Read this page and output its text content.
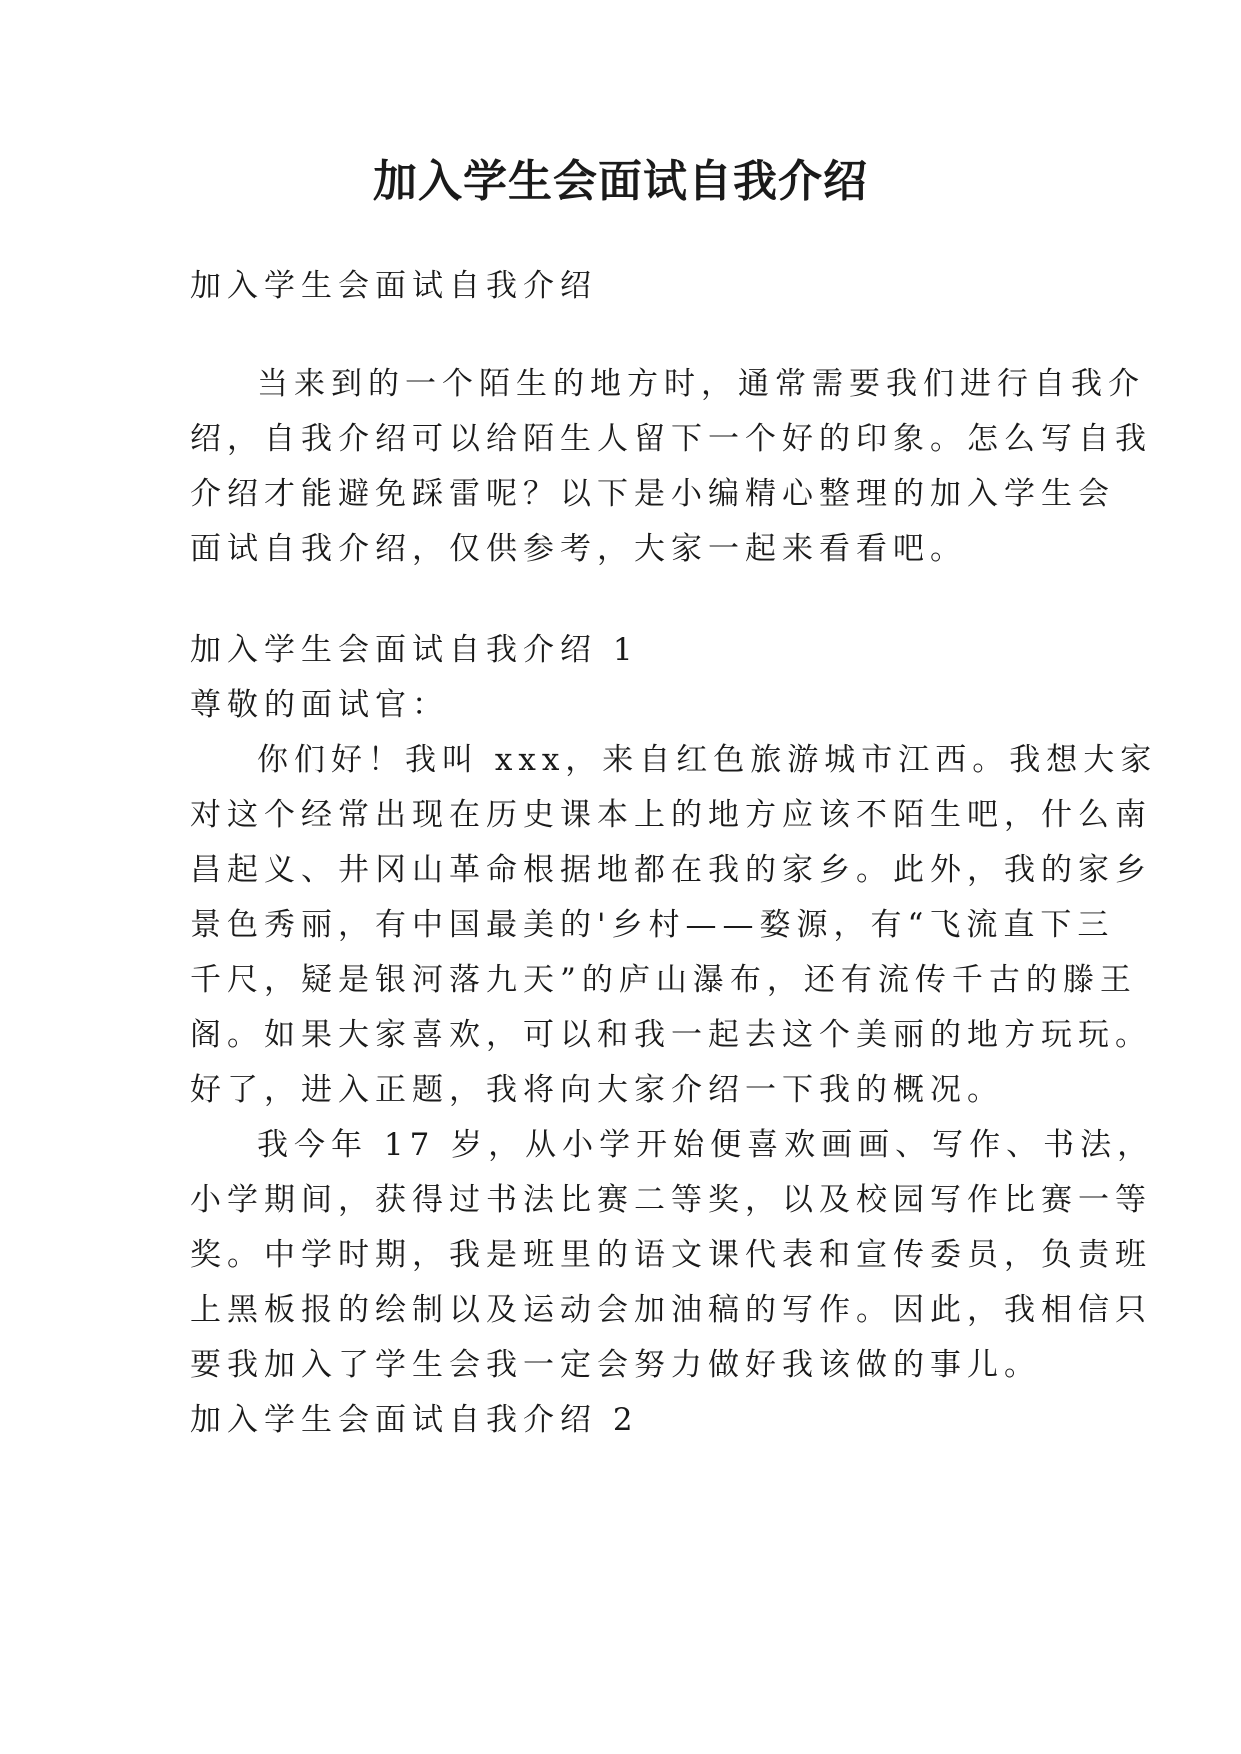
加入学生会面试自我介绍
加入学生会面试自我介绍
当来到的一个陌生的地方时，通常需要我们进行自我介
绍，自我介绍可以给陌生人留下一个好的印象。怎么写自我
介绍才能避免踩雷呢？以下是小编精心整理的加入学生会
面试自我介绍，仅供参考，大家一起来看看吧。
加入学生会面试自我介绍 1
尊敬的面试官：
你们好！我叫 xxx，来自红色旅游城市江西。我想大家
对这个经常出现在历史课本上的地方应该不陌生吧，什么南
昌起义、井冈山革命根据地都在我的家乡。此外，我的家乡
景色秀丽，有中国最美的'乡村——婺源，有“飞流直下三
千尺，疑是银河落九天”的庐山瀑布，还有流传千古的滕王
阁。如果大家喜欢，可以和我一起去这个美丽的地方玩玩。
好了，进入正题，我将向大家介绍一下我的概况。
我今年 17 岁，从小学开始便喜欢画画、写作、书法，
小学期间，获得过书法比赛二等奖，以及校园写作比赛一等
奖。中学时期，我是班里的语文课代表和宣传委员，负责班
上黑板报的绘制以及运动会加油稿的写作。因此，我相信只
要我加入了学生会我一定会努力做好我该做的事儿。
加入学生会面试自我介绍 2
